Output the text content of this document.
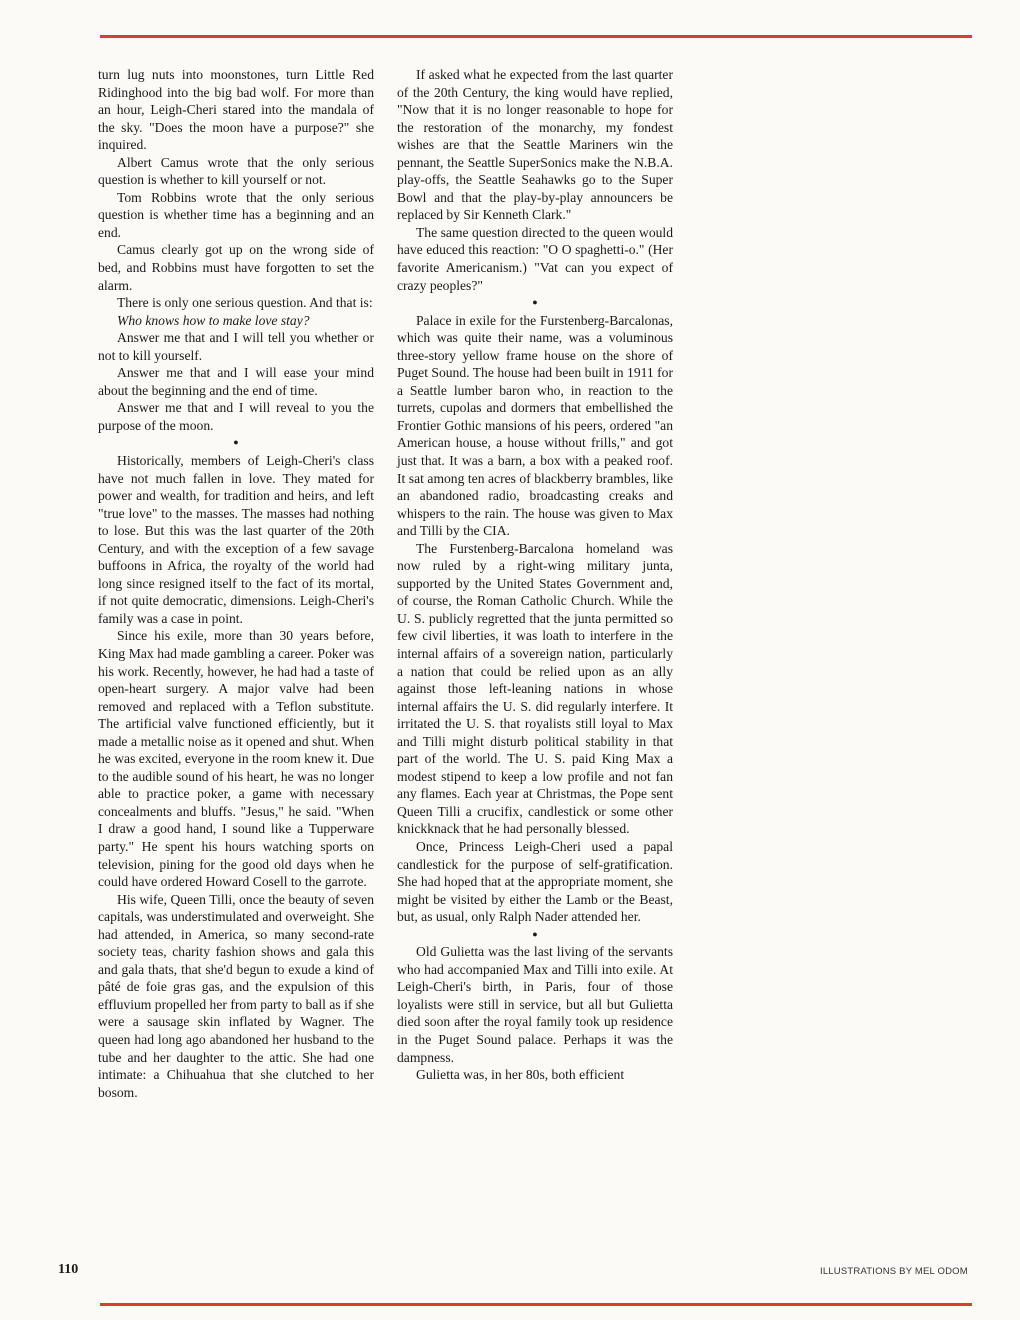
turn lug nuts into moonstones, turn Little Red Ridinghood into the big bad wolf. For more than an hour, Leigh-Cheri stared into the mandala of the sky. "Does the moon have a purpose?" she inquired.

Albert Camus wrote that the only serious question is whether to kill yourself or not.

Tom Robbins wrote that the only serious question is whether time has a beginning and an end.

Camus clearly got up on the wrong side of bed, and Robbins must have forgotten to set the alarm.

There is only one serious question. And that is:

Who knows how to make love stay?

Answer me that and I will tell you whether or not to kill yourself.

Answer me that and I will ease your mind about the beginning and the end of time.

Answer me that and I will reveal to you the purpose of the moon.

●

Historically, members of Leigh-Cheri's class have not much fallen in love. They mated for power and wealth, for tradition and heirs, and left "true love" to the masses. The masses had nothing to lose. But this was the last quarter of the 20th Century, and with the exception of a few savage buffoons in Africa, the royalty of the world had long since resigned itself to the fact of its mortal, if not quite democratic, dimensions. Leigh-Cheri's family was a case in point.

Since his exile, more than 30 years before, King Max had made gambling a career. Poker was his work. Recently, however, he had had a taste of open-heart surgery. A major valve had been removed and replaced with a Teflon substitute. The artificial valve functioned efficiently, but it made a metallic noise as it opened and shut. When he was excited, everyone in the room knew it. Due to the audible sound of his heart, he was no longer able to practice poker, a game with necessary concealments and bluffs. "Jesus," he said. "When I draw a good hand, I sound like a Tupperware party." He spent his hours watching sports on television, pining for the good old days when he could have ordered Howard Cosell to the garrote.

His wife, Queen Tilli, once the beauty of seven capitals, was understimulated and overweight. She had attended, in America, so many second-rate society teas, charity fashion shows and gala this and gala thats, that she'd begun to exude a kind of pâté de foie gras gas, and the expulsion of this effluvium propelled her from party to ball as if she were a sausage skin inflated by Wagner. The queen had long ago abandoned her husband to the tube and her daughter to the attic. She had one intimate: a Chihuahua that she clutched to her bosom.

If asked what he expected from the last quarter of the 20th Century, the king would have replied, "Now that it is no longer reasonable to hope for the restoration of the monarchy, my fondest wishes are that the Seattle Mariners win the pennant, the Seattle SuperSonics make the N.B.A. play-offs, the Seattle Seahawks go to the Super Bowl and that the play-by-play announcers be replaced by Sir Kenneth Clark."

The same question directed to the queen would have educed this reaction: "O O spaghetti-o." (Her favorite Americanism.) "Vat can you expect of crazy peoples?"

●

Palace in exile for the Furstenberg-Barcalonas, which was quite their name, was a voluminous three-story yellow frame house on the shore of Puget Sound. The house had been built in 1911 for a Seattle lumber baron who, in reaction to the turrets, cupolas and dormers that embellished the Frontier Gothic mansions of his peers, ordered "an American house, a house without frills," and got just that. It was a barn, a box with a peaked roof. It sat among ten acres of blackberry brambles, like an abandoned radio, broadcasting creaks and whispers to the rain. The house was given to Max and Tilli by the CIA.

The Furstenberg-Barcalona homeland was now ruled by a right-wing military junta, supported by the United States Government and, of course, the Roman Catholic Church. While the U. S. publicly regretted that the junta permitted so few civil liberties, it was loath to interfere in the internal affairs of a sovereign nation, particularly a nation that could be relied upon as an ally against those left-leaning nations in whose internal affairs the U. S. did regularly interfere. It irritated the U. S. that royalists still loyal to Max and Tilli might disturb political stability in that part of the world. The U. S. paid King Max a modest stipend to keep a low profile and not fan any flames. Each year at Christmas, the Pope sent Queen Tilli a crucifix, candlestick or some other knickknack that he had personally blessed.

Once, Princess Leigh-Cheri used a papal candlestick for the purpose of self-gratification. She had hoped that at the appropriate moment, she might be visited by either the Lamb or the Beast, but, as usual, only Ralph Nader attended her.

●

Old Gulietta was the last living of the servants who had accompanied Max and Tilli into exile. At Leigh-Cheri's birth, in Paris, four of those loyalists were still in service, but all but Gulietta died soon after the royal family took up residence in the Puget Sound palace. Perhaps it was the dampness.

Gulietta was, in her 80s, both efficient

110	ILLUSTRATIONS BY MEL ODOM
